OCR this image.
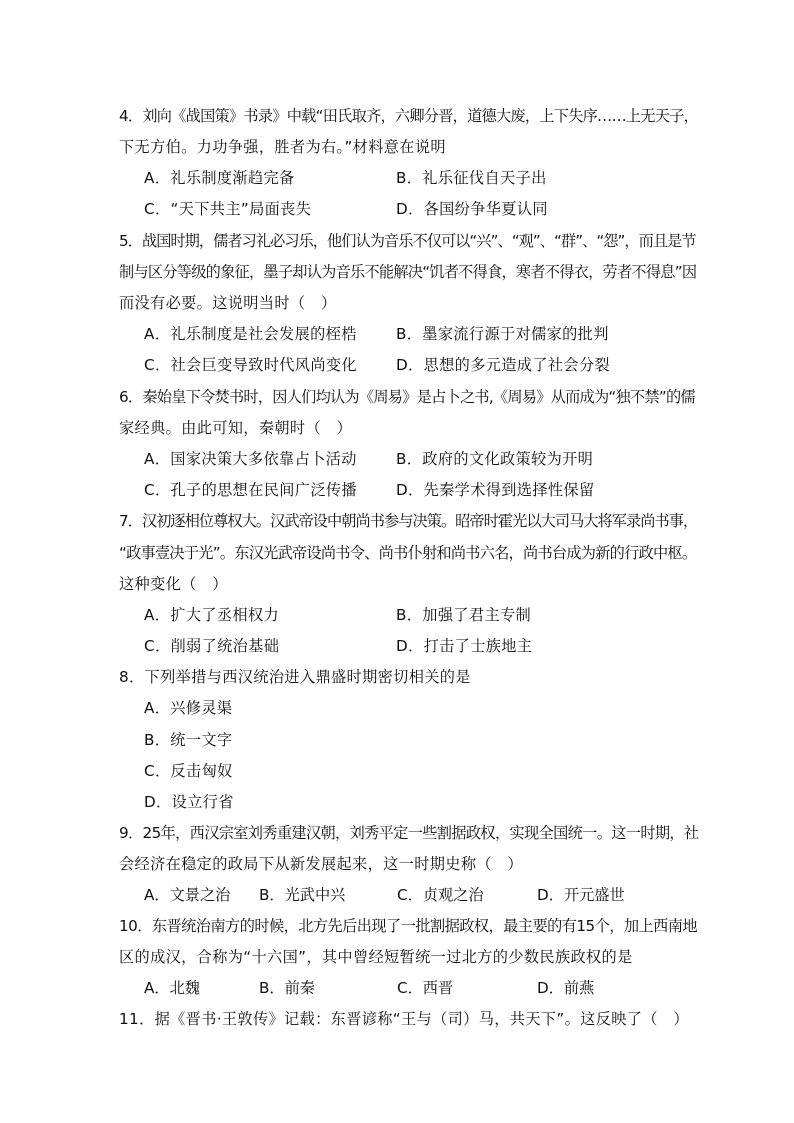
4．刘向《战国策》书录》中载“田氏取齐，六卿分晋，道德大废，上下失序……上无天子，
下无方伯。力功争强，胜者为右。”材料意在说明
A．礼乐制度渐趋完备	B．礼乐征伐自天子出
C．“天下共主”局面丧失	D．各国纷争华夏认同
5．战国时期，儒者习礼必习乐，他们认为音乐不仅可以“兴”、“观”、“群”、“怨”，而且是节
制与区分等级的象征，墨子却认为音乐不能解决“饥者不得食，寒者不得衣，劳者不得息”因
而没有必要。这说明当时（　）
A．礼乐制度是社会发展的桎梏	B．墨家流行源于对儒家的批判
C．社会巨变导致时代风尚变化	D．思想的多元造成了社会分裂
6．秦始皇下令焚书时，因人们均认为《周易》是占卜之书,《周易》从而成为“独不禁”的儒
家经典。由此可知，秦朝时（　）
A．国家决策大多依靠占卜活动	B．政府的文化政策较为开明
C．孔子的思想在民间广泛传播	D．先秦学术得到选择性保留
7．汉初逐相位尊权大。汉武帝设中朝尚书参与决策。昭帝时霍光以大司马大将军录尚书事，
“政事壹决于光”。东汉光武帝设尚书令、尚书仆射和尚书六名，尚书台成为新的行政中枢。
这种变化（　）
A．扩大了丞相权力	B．加强了君主专制
C．削弱了统治基础	D．打击了士族地主
8．下列举措与西汉统治进入鼎盛时期密切相关的是
A．兴修灵渠
B．统一文字
C．反击匈奴
D．设立行省
9．25年，西汉宗室刘秀重建汉朝，刘秀平定一些割据政权，实现全国统一。这一时期，社
会经济在稳定的政局下从新发展起来，这一时期史称（　）
A．文景之治 B．光武中兴	C．贞观之治	D．开元盛世
10．东晋统治南方的时候，北方先后出现了一批割据政权，最主要的有15个，加上西南地
区的成汉，合称为“十六国”，其中曾经短暂统一过北方的少数民族政权的是
A．北魏	B．前秦	C．西晋	D．前燕
11．据《晋书·王敦传》记载：东晋谚称“王与（司）马，共天下”。这反映了（　）
